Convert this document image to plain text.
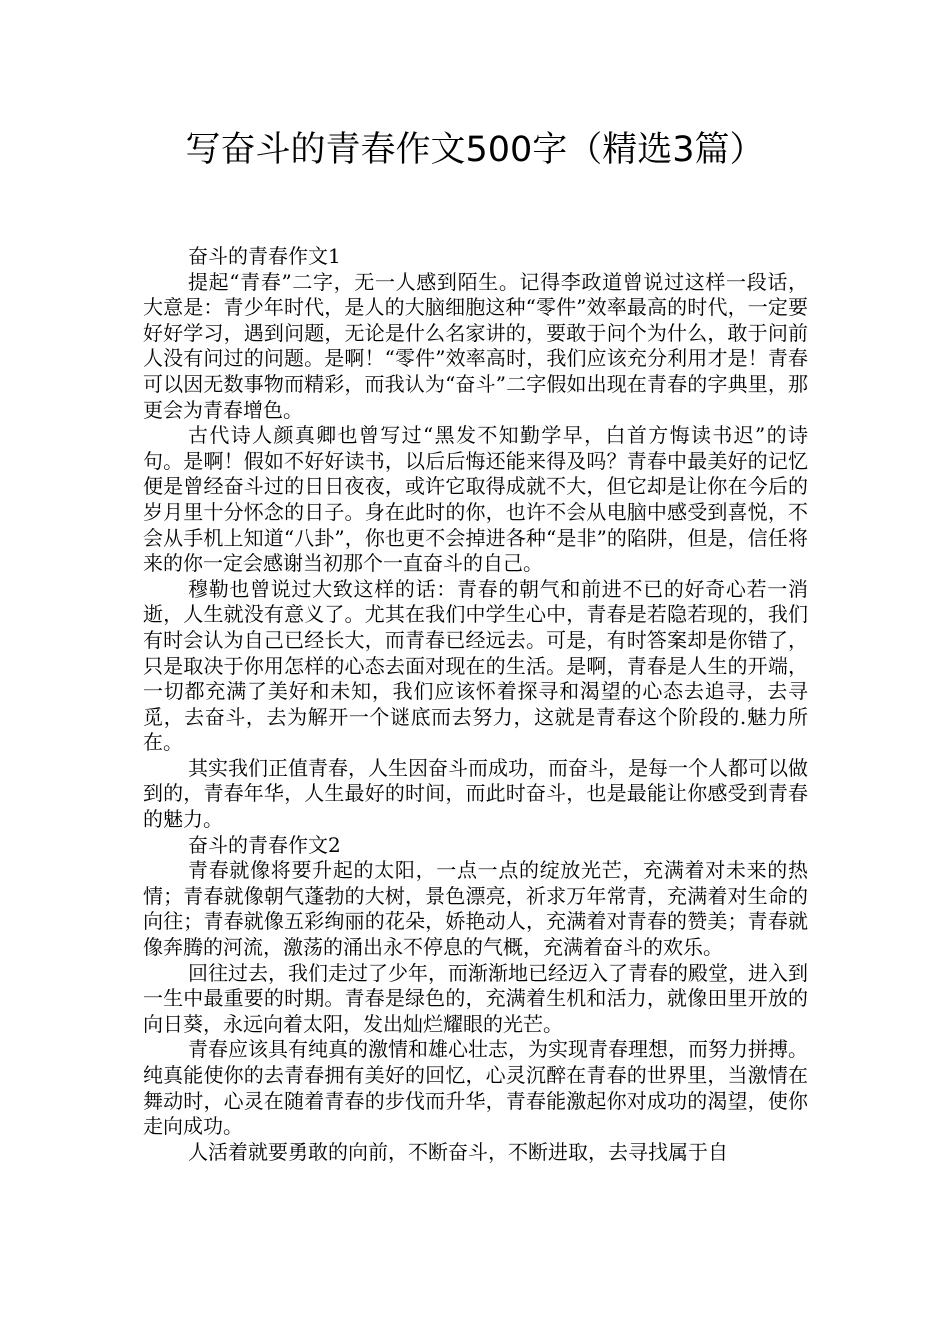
写奋斗的青春作文500字（精选3篇）

奋斗的青春作文1

提起“青春”二字，无一人感到陌生。记得李政道曾说过这样一段话，大意是：青少年时代，是人的大脑细胞这种“零件”效率最高的时代，一定要好好学习，遇到问题，无论是什么名家讲的，要敢于问个为什么，敢于问前人没有问过的问题。是啊！“零件”效率高时，我们应该充分利用才是！青春可以因无数事物而精彩，而我认为“奋斗”二字假如出现在青春的字典里，那更会为青春增色。

古代诗人颜真卿也曾写过“黑发不知勤学早，白首方悔读书迟”的诗句。是啊！假如不好好读书，以后后悔还能来得及吗？青春中最美好的记忆便是曾经奋斗过的日日夜夜，或许它取得成就不大，但它却是让你在今后的岁月里十分怀念的日子。身在此时的你，也许不会从电脑中感受到喜悦，不会从手机上知道“八卦”，你也更不会掉进各种“是非”的陷阱，但是，信任将来的你一定会感谢当初那个一直奋斗的自己。

穆勒也曾说过大致这样的话：青春的朝气和前进不已的好奇心若一消逝，人生就没有意义了。尤其在我们中学生心中，青春是若隐若现的，我们有时会认为自己已经长大，而青春已经远去。可是，有时答案却是你错了，只是取决于你用怎样的心态去面对现在的生活。是啊，青春是人生的开端，一切都充满了美好和未知，我们应该怀着探寻和渴望的心态去追寻，去寻觅，去奋斗，去为解开一个谜底而去努力，这就是青春这个阶段的.魅力所在。

其实我们正值青春，人生因奋斗而成功，而奋斗，是每一个人都可以做到的，青春年华，人生最好的时间，而此时奋斗，也是最能让你感受到青春的魅力。

奋斗的青春作文2

青春就像将要升起的太阳，一点一点的绽放光芒，充满着对未来的热情；青春就像朝气蓬勃的大树，景色漂亮，祈求万年常青，充满着对生命的向往；青春就像五彩绚丽的花朵，娇艳动人，充满着对青春的赞美；青春就像奔腾的河流，激荡的涌出永不停息的气概，充满着奋斗的欢乐。

回往过去，我们走过了少年，而渐渐地已经迈入了青春的殿堂，进入到一生中最重要的时期。青春是绿色的，充满着生机和活力，就像田里开放的向日葵，永远向着太阳，发出灿烂耀眼的光芒。

青春应该具有纯真的激情和雄心壮志，为实现青春理想，而努力拼搏。纯真能使你的去青春拥有美好的回忆，心灵沉醉在青春的世界里，当激情在舞动时，心灵在随着青春的步伐而升华，青春能激起你对成功的渴望，使你走向成功。

人活着就要勇敢的向前，不断奋斗，不断进取，去寻找属于自
